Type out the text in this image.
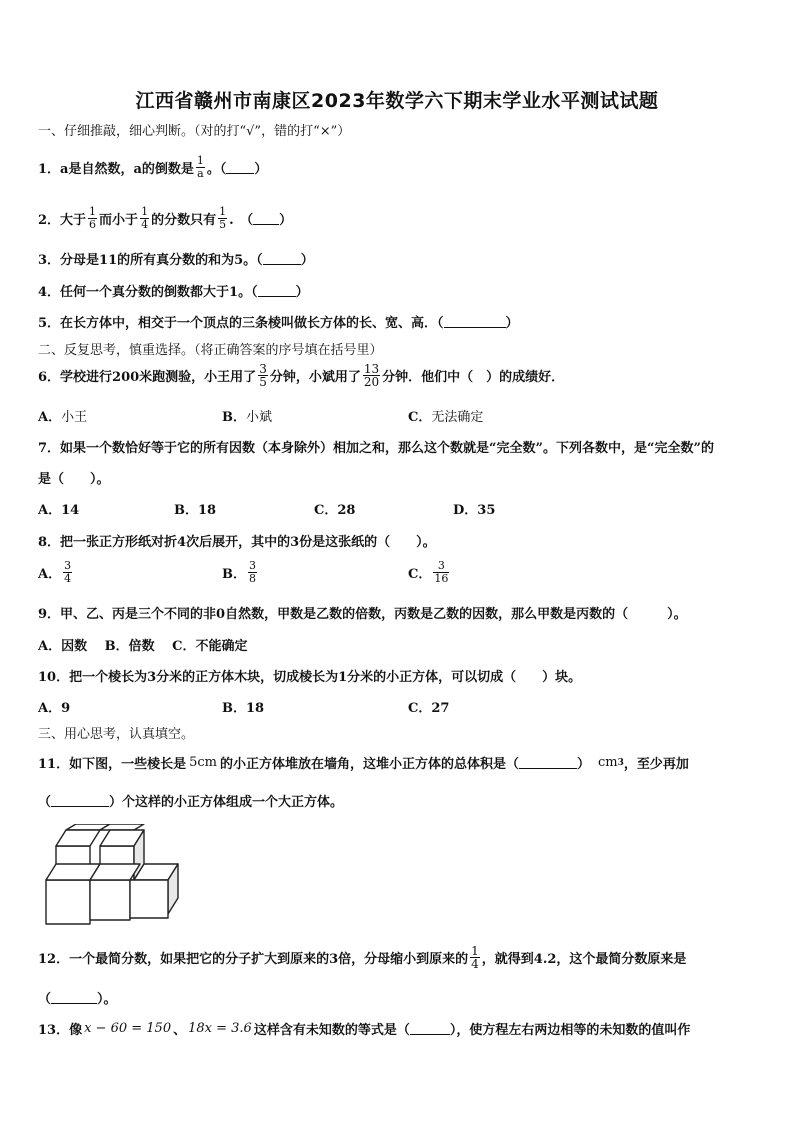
江西省赣州市南康区2023年数学六下期末学业水平测试试题
一、仔细推敲，细心判断。（对的打“√”，错的打“×”）
1．a是自然数，a的倒数是 $\frac{1}{a}$ 。（ ）
2．大于 $\frac{1}{6}$ 而小于 $\frac{1}{4}$ 的分数只有 $\frac{1}{5}$ .　（ ）
3．分母是11的所有真分数的和为5。（	）
4．任何一个真分数的倒数都大于1。（	）
5．在长方体中，相交于一个顶点的三条棱叫做长方体的长、宽、高．（	）
二、反复思考，慎重选择。（将正确答案的序号填在括号里）
6．学校进行200米跑测验，小王用了 $\frac{3}{5}$ 分钟，小斌用了 $\frac{13}{20}$ 分钟．他们中（　）的成绩好．
A． 小王	B． 小斌	C． 无法确定
7．如果一个数恰好等于它的所有因数（本身除外）相加之和，那么这个数就是“完全数”。下列各数中，是“完全数”的
是（　　）。
A．14	B．18	C．28	D．35
8．把一张正方形纸对折4次后展开，其中的3份是这张纸的（　　）。
A． $\frac{3}{4}$	B． $\frac{3}{8}$	C． $\frac{3}{16}$
9．甲、乙、丙是三个不同的非0自然数，甲数是乙数的倍数，丙数是乙数的因数，那么甲数是丙数的（　　　）。
A．因数　 B．倍数　 C．不能确定
10．把一个棱长为3分米的正方体木块，切成棱长为1分米的小正方体，可以切成（　　）块。
A．9	B．18	C．27
三、用心思考，认真填空。
11．如下图，一些棱长是 5cm 的小正方体堆放在墙角，这堆小正方体的总体积是（	） cm 3 ，至少再加
（	）个这样的小正方体组成一个大正方体。
12．一个最简分数，如果把它的分子扩大到原来的3倍，分母缩小到原来的 $\frac{1}{4}$ ，就得到4.2，这个最简分数原来是
（	）。
13．像 x − 60 = 150 、 18x = 3.6 这样含有未知数的等式是（	），使方程左右两边相等的未知数的值叫作
